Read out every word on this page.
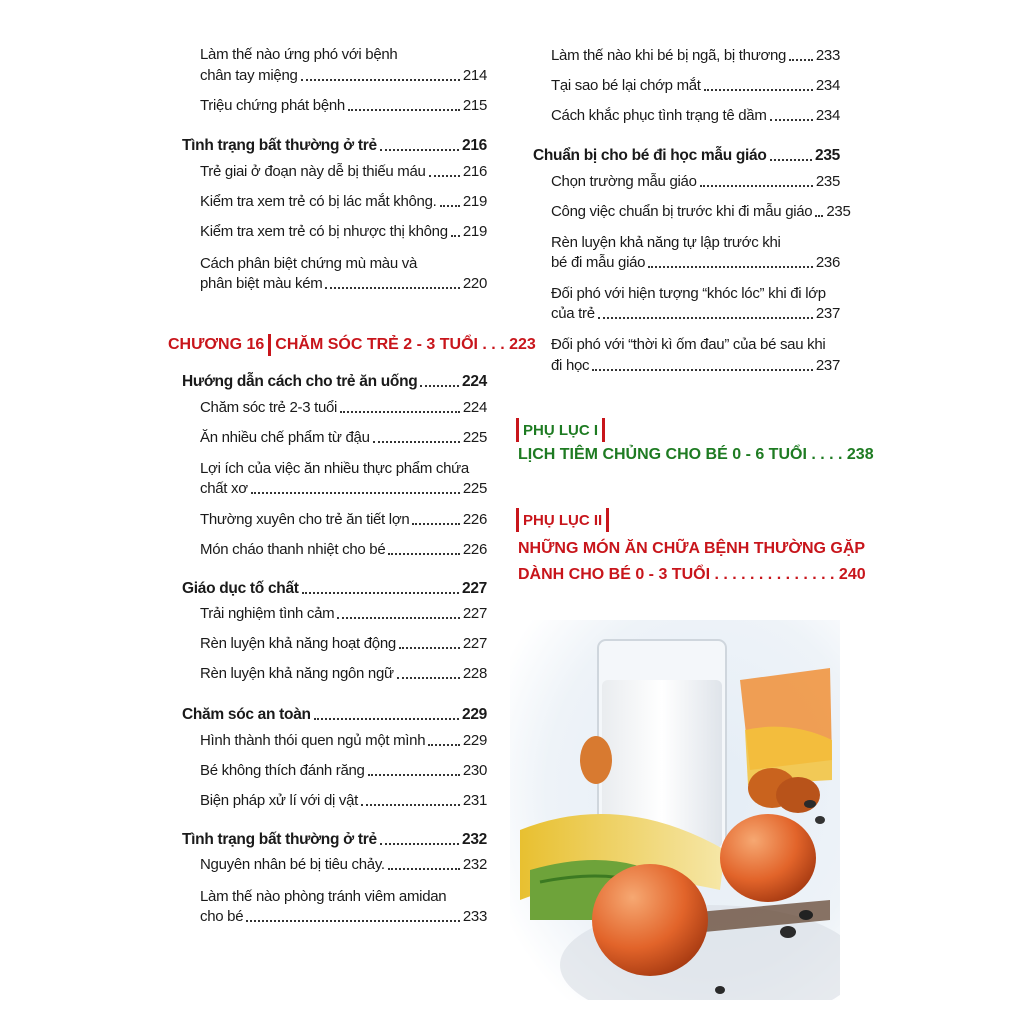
Làm thế nào ứng phó với bệnh
chân tay miệng	214
Triệu chứng phát bệnh	215
Tình trạng bất thường ở trẻ	216
Trẻ giai ở đoạn này dễ bị thiếu máu 216
Kiểm tra xem trẻ có bị lác mắt không. 219
Kiểm tra xem trẻ có bị nhược thị không 219
Cách phân biệt chứng mù màu và
phân biệt màu kém	220
CHƯƠNG 16 CHĂM SÓC TRẺ 2 - 3 TUỔI . . . 223
Hướng dẫn cách cho trẻ ăn uống	224
Chăm sóc trẻ 2-3 tuổi	224
Ăn nhiều chế phẩm từ đậu	225
Lợi ích của việc ăn nhiều thực phẩm chứa
chất xơ	225
Thường xuyên cho trẻ ăn tiết lợn	226
Món cháo thanh nhiệt cho bé	226
Giáo dục tố chất	227
Trải nghiệm tình cảm	227
Rèn luyện khả năng hoạt động	227
Rèn luyện khả năng ngôn ngữ	228
Chăm sóc an toàn	229
Hình thành thói quen ngủ một mình	229
Bé không thích đánh răng	230
Biện pháp xử lí với dị vật	231
Tình trạng bất thường ở trẻ	232
Nguyên nhân bé bị tiêu chảy.	232
Làm thế nào phòng tránh viêm amidan
cho bé	233
Làm thế nào khi bé bị ngã, bị thương 233
Tại sao bé lại chớp mắt	234
Cách khắc phục tình trạng tê dầm	234
Chuẩn bị cho bé đi học mẫu giáo	235
Chọn trường mẫu giáo	235
Công việc chuẩn bị trước khi đi mẫu giáo 235
Rèn luyện khả năng tự lập trước khi
bé đi mẫu giáo	236
Đối phó với hiện tượng “khóc lóc” khi đi lớp
của trẻ	237
Đối phó với “thời kì ốm đau” của bé sau khi
đi học	237
PHỤ LỤC I
LỊCH TIÊM CHỦNG CHO BÉ 0 - 6 TUỔI . . . . 238
PHỤ LỤC II
NHỮNG MÓN ĂN CHỮA BỆNH THƯỜNG GẶP
DÀNH CHO BÉ 0 - 3 TUỔI . . . . . . . . . . . . . . 240
